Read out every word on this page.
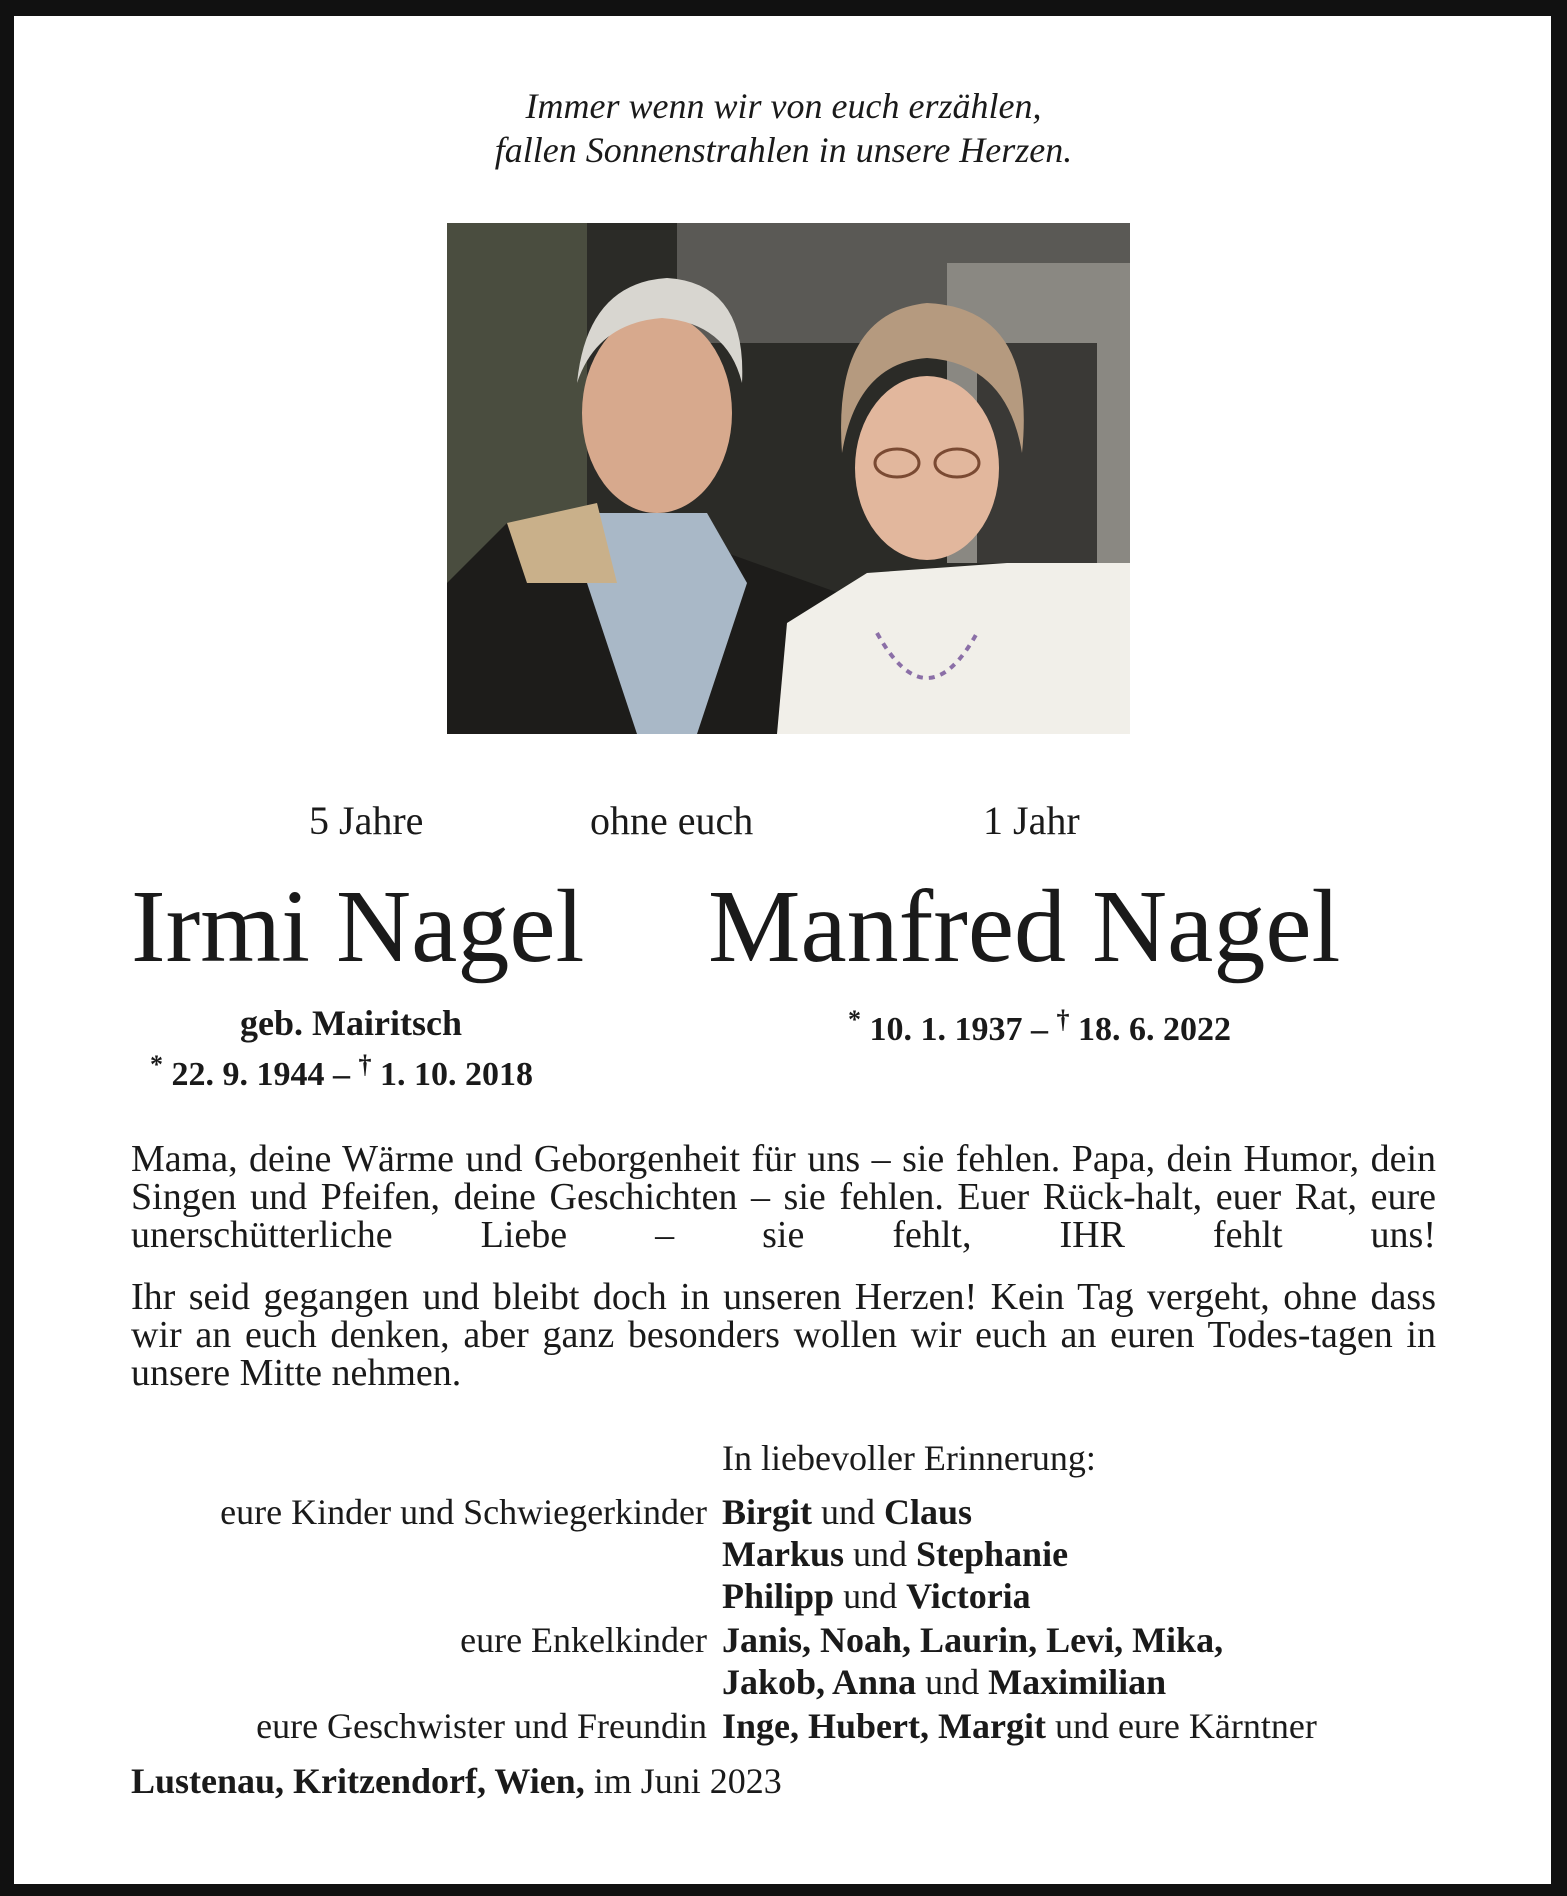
Immer wenn wir von euch erzählen,
fallen Sonnenstrahlen in unsere Herzen.
5 Jahre	ohne euch	1 Jahr
Irmi Nagel Manfred Nagel
geb. Mairitsch
* 22. 9. 1944 – † 1. 10. 2018
* 10. 1. 1937 – † 18. 6. 2022
Mama, deine Wärme und Geborgenheit für uns – sie fehlen. Papa, dein Humor, dein Singen und Pfeifen, deine Geschichten – sie fehlen. Euer Rück-halt, euer Rat, eure unerschütterliche Liebe – sie fehlt, IHR fehlt uns!
Ihr seid gegangen und bleibt doch in unseren Herzen! Kein Tag vergeht, ohne dass wir an euch denken, aber ganz besonders wollen wir euch an euren Todes-tagen in unsere Mitte nehmen.
In liebevoller Erinnerung:
eure Kinder und Schwiegerkinder Birgit und Claus
Markus und Stephanie
Philipp und Victoria
eure Enkelkinder Janis, Noah, Laurin, Levi, Mika,
Jakob, Anna und Maximilian
eure Geschwister und Freundin Inge, Hubert, Margit und eure Kärntner
Lustenau, Kritzendorf, Wien, im Juni 2023
